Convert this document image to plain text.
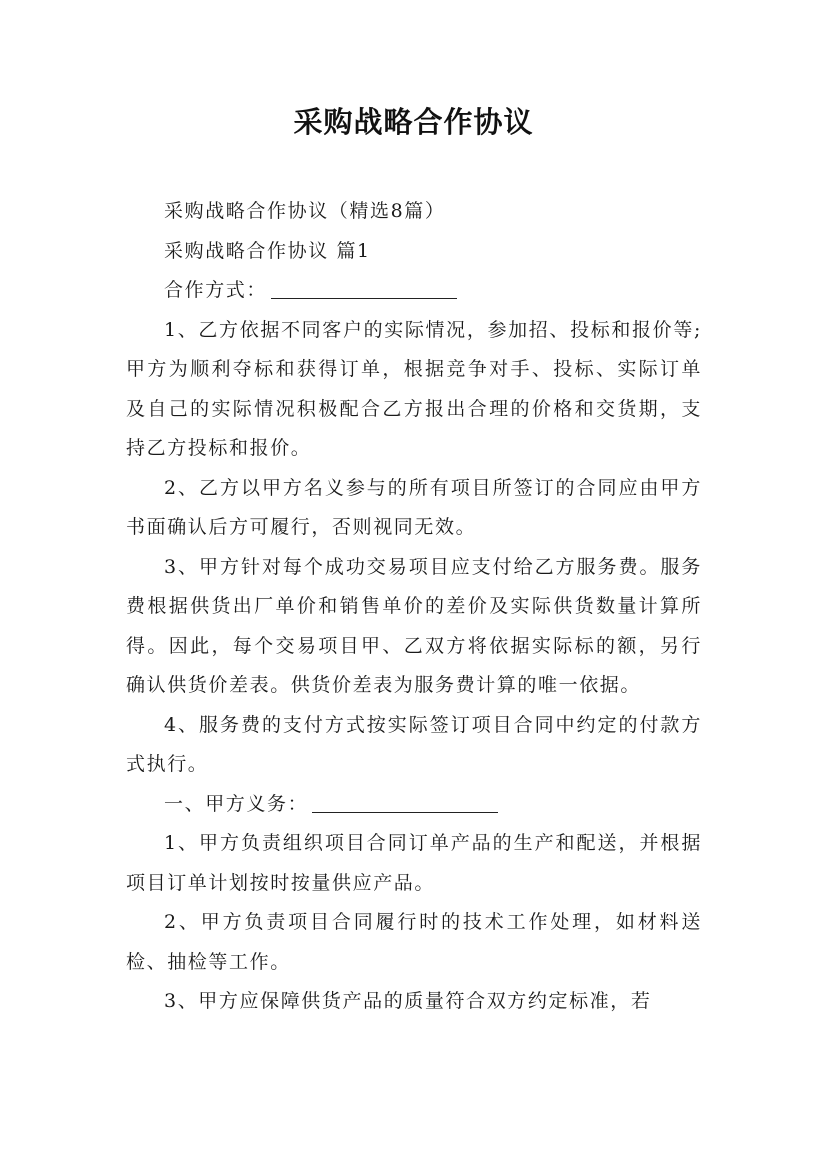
采购战略合作协议

采购战略合作协议（精选8篇）

采购战略合作协议 篇1

合作方式：

1、乙方依据不同客户的实际情况，参加招、投标和报价等;甲方为顺利夺标和获得订单，根据竞争对手、投标、实际订单及自己的实际情况积极配合乙方报出合理的价格和交货期，支持乙方投标和报价。

2、乙方以甲方名义参与的所有项目所签订的合同应由甲方书面确认后方可履行，否则视同无效。

3、甲方针对每个成功交易项目应支付给乙方服务费。服务费根据供货出厂单价和销售单价的差价及实际供货数量计算所得。因此，每个交易项目甲、乙双方将依据实际标的额，另行确认供货价差表。供货价差表为服务费计算的唯一依据。

4、服务费的支付方式按实际签订项目合同中约定的付款方式执行。

一、甲方义务：

1、甲方负责组织项目合同订单产品的生产和配送，并根据项目订单计划按时按量供应产品。

2、甲方负责项目合同履行时的技术工作处理，如材料送检、抽检等工作。

3、甲方应保障供货产品的质量符合双方约定标准，若
